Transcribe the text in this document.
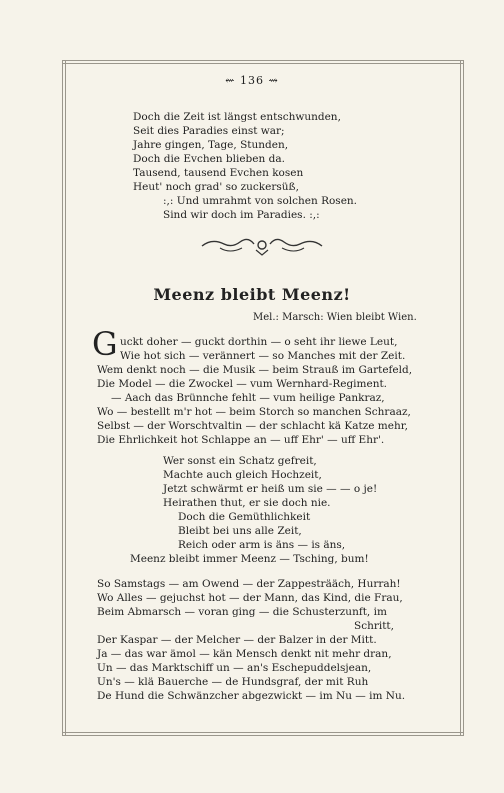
⇜ 136 ⇝
Doch die Zeit ist längst entschwunden,
Seit dies Paradies einst war;
Jahre gingen, Tage, Stunden,
Doch die Evchen blieben da.
Tausend, tausend Evchen kosen
Heut' noch grad' so zuckersüß,
:,: Und umrahmt von solchen Rosen.
Sind wir doch im Paradies. :,:
Meenz bleibt Meenz!
Mel.: Marsch: Wien bleibt Wien.
G uckt doher — guckt dorthin — o seht ihr liewe Leut,
Wie hot sich — verännert — so Manches mit der Zeit.
Wem denkt noch — die Musik — beim Strauß im Gartefeld,
Die Model — die Zwockel — vum Wernhard-Regiment.
— Aach das Brünnche fehlt — vum heilige Pankraz,
Wo — bestellt m'r hot — beim Storch so manchen Schraaz,
Selbst — der Worschtvaltin — der schlacht kä Katze mehr,
Die Ehrlichkeit hot Schlappe an — uff Ehr' — uff Ehr'.
Wer sonst ein Schatz gefreit,
Machte auch gleich Hochzeit,
Jetzt schwärmt er heiß um sie — — o je!
Heirathen thut, er sie doch nie.
Doch die Gemüthlichkeit
Bleibt bei uns alle Zeit,
Reich oder arm is äns — is äns,
Meenz bleibt immer Meenz — Tsching, bum!
So Samstags — am Owend — der Zappesträäch, Hurrah!
Wo Alles — gejuchst hot — der Mann, das Kind, die Frau,
Beim Abmarsch — voran ging — die Schusterzunft, im
Schritt,
Der Kaspar — der Melcher — der Balzer in der Mitt.
Ja — das war ämol — kän Mensch denkt nit mehr dran,
Un — das Marktschiff un — an's Eschepuddelsjean,
Un's — klä Bauerche — de Hundsgraf, der mit Ruh
De Hund die Schwänzcher abgezwickt — im Nu — im Nu.
